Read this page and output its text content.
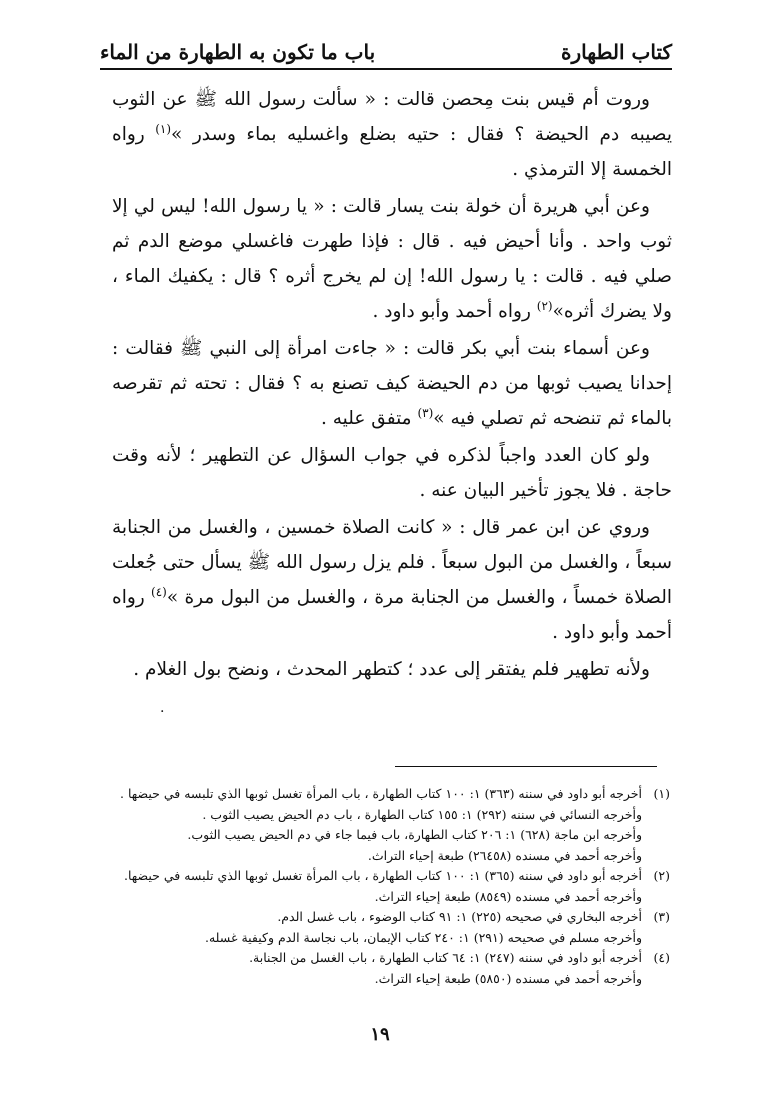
كتاب الطهارة
باب ما تكون به الطهارة من الماء

وروت أم قيس بنت مِحصن قالت : « سألت رسول الله ﷺ عن الثوب يصيبه دم الحيضة ؟ فقال : حتيه بضلع واغسليه بماء وسدر »$^{(١)}$ رواه الخمسة إلا الترمذي .

وعن أبي هريرة أن خولة بنت يسار قالت : « يا رسول الله! ليس لي إلا ثوب واحد . وأنا أحيض فيه . قال : فإذا طهرت فاغسلي موضع الدم ثم صلي فيه . قالت : يا رسول الله! إن لم يخرج أثره ؟ قال : يكفيك الماء ، ولا يضرك أثره»$^{(٢)}$ رواه أحمد وأبو داود .

وعن أسماء بنت أبي بكر قالت : « جاءت امرأة إلى النبي ﷺ فقالت : إحدانا يصيب ثوبها من دم الحيضة كيف تصنع به ؟ فقال : تحته ثم تقرصه بالماء ثم تنضحه ثم تصلي فيه »$^{(٣)}$ متفق عليه .

ولو كان العدد واجباً لذكره في جواب السؤال عن التطهير ؛ لأنه وقت حاجة . فلا يجوز تأخير البيان عنه .

وروي عن ابن عمر قال : « كانت الصلاة خمسين ، والغسل من الجنابة سبعاً ، والغسل من البول سبعاً . فلم يزل رسول الله ﷺ يسأل حتى جُعلت الصلاة خمساً ، والغسل من الجنابة مرة ، والغسل من البول مرة »$^{(٤)}$ رواه أحمد وأبو داود .

ولأنه تطهير فلم يفتقر إلى عدد ؛ كتطهر المحدث ، ونضح بول الغلام .

.
(١)
أخرجه أبو داود في سننه (٣٦٣) ١: ١٠٠ كتاب الطهارة ، باب المرأة تغسل ثوبها الذي تلبسه في حيضها .
وأخرجه النسائي في سننه (٢٩٢) ١: ١٥٥ كتاب الطهارة ، باب دم الحيض يصيب الثوب .
وأخرجه ابن ماجة (٦٢٨) ١: ٢٠٦ كتاب الطهارة، باب فيما جاء في دم الحيض يصيب الثوب.
وأخرجه أحمد في مسنده (٢٦٤٥٨) طبعة إحياء التراث.
(٢)
أخرجه أبو داود في سننه (٣٦٥) ١: ١٠٠ كتاب الطهارة ، باب المرأة تغسل ثوبها الذي تلبسه في حيضها.
وأخرجه أحمد في مسنده (٨٥٤٩) طبعة إحياء التراث.
(٣)
أخرجه البخاري في صحيحه (٢٢٥) ١: ٩١ كتاب الوضوء ، باب غسل الدم.
وأخرجه مسلم في صحيحه (٢٩١) ١: ٢٤٠ كتاب الإيمان، باب نجاسة الدم وكيفية غسله.
(٤)
أخرجه أبو داود في سننه (٢٤٧) ١: ٦٤ كتاب الطهارة ، باب الغسل من الجنابة.
وأخرجه أحمد في مسنده (٥٨٥٠) طبعة إحياء التراث.
١٩
